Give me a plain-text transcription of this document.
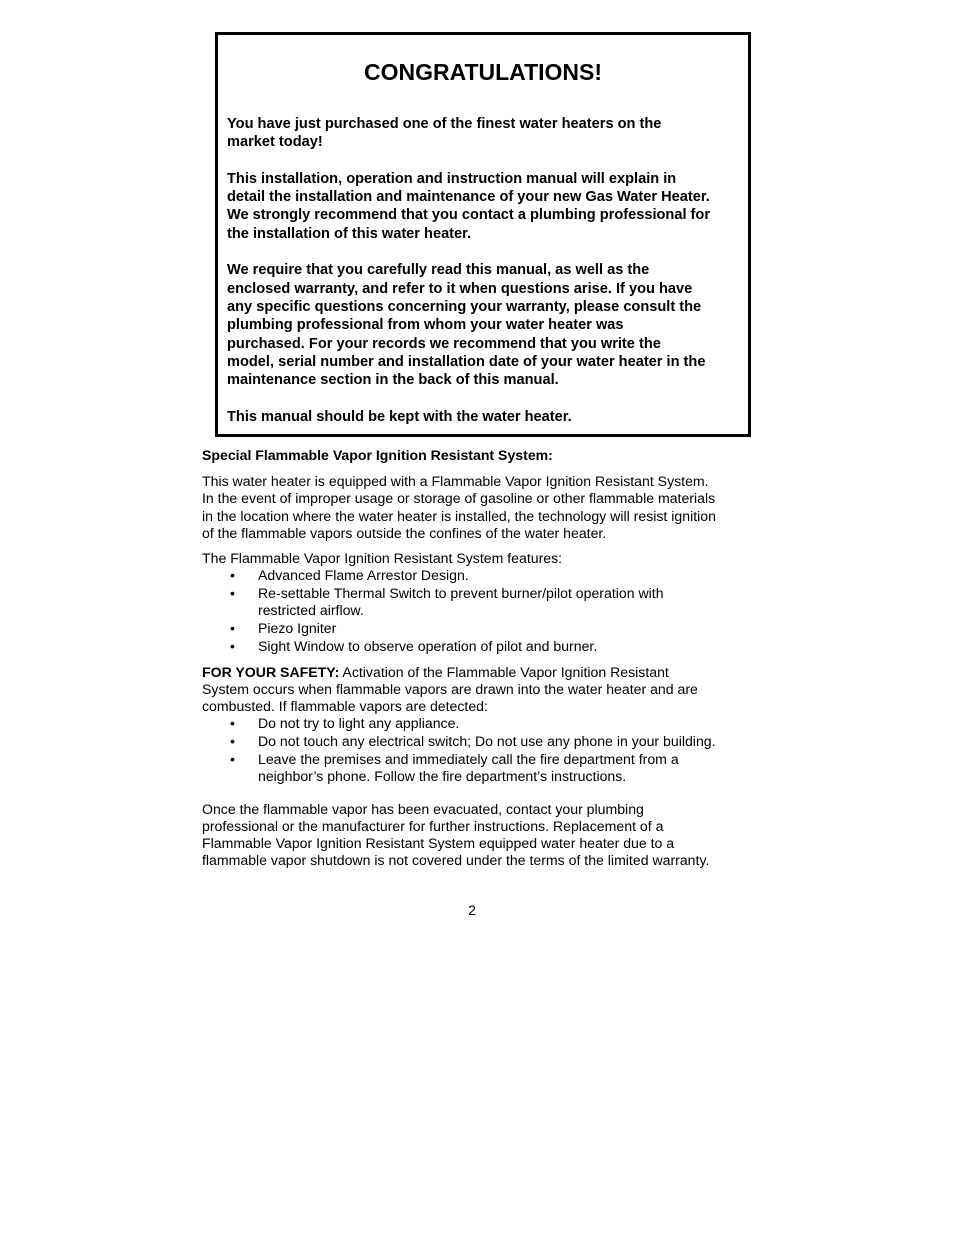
CONGRATULATIONS!

You have just purchased one of the finest water heaters on the
market today!

This installation, operation and instruction manual will explain in
detail the installation and maintenance of your new Gas Water Heater.
We strongly recommend that you contact a plumbing professional for
the installation of this water heater.

We require that you carefully read this manual, as well as the
enclosed warranty, and refer to it when questions arise. If you have
any specific questions concerning your warranty, please consult the
plumbing professional from whom your water heater was
purchased. For your records we recommend that you write the
model, serial number and installation date of your water heater in the
maintenance section in the back of this manual.

This manual should be kept with the water heater.

Special Flammable Vapor Ignition Resistant System:

This water heater is equipped with a Flammable Vapor Ignition Resistant System.
In the event of improper usage or storage of gasoline or other flammable materials
in the location where the water heater is installed, the technology will resist ignition
of the flammable vapors outside the confines of the water heater.

The Flammable Vapor Ignition Resistant System features:

• Advanced Flame Arrestor Design.
• Re-settable Thermal Switch to prevent burner/pilot operation with
restricted airflow.
• Piezo Igniter
• Sight Window to observe operation of pilot and burner.

FOR YOUR SAFETY: Activation of the Flammable Vapor Ignition Resistant
System occurs when flammable vapors are drawn into the water heater and are
combusted. If flammable vapors are detected:

• Do not try to light any appliance.
• Do not touch any electrical switch; Do not use any phone in your building.
• Leave the premises and immediately call the fire department from a
neighbor’s phone. Follow the fire department’s instructions.

Once the flammable vapor has been evacuated, contact your plumbing
professional or the manufacturer for further instructions. Replacement of a
Flammable Vapor Ignition Resistant System equipped water heater due to a
flammable vapor shutdown is not covered under the terms of the limited warranty.

2
